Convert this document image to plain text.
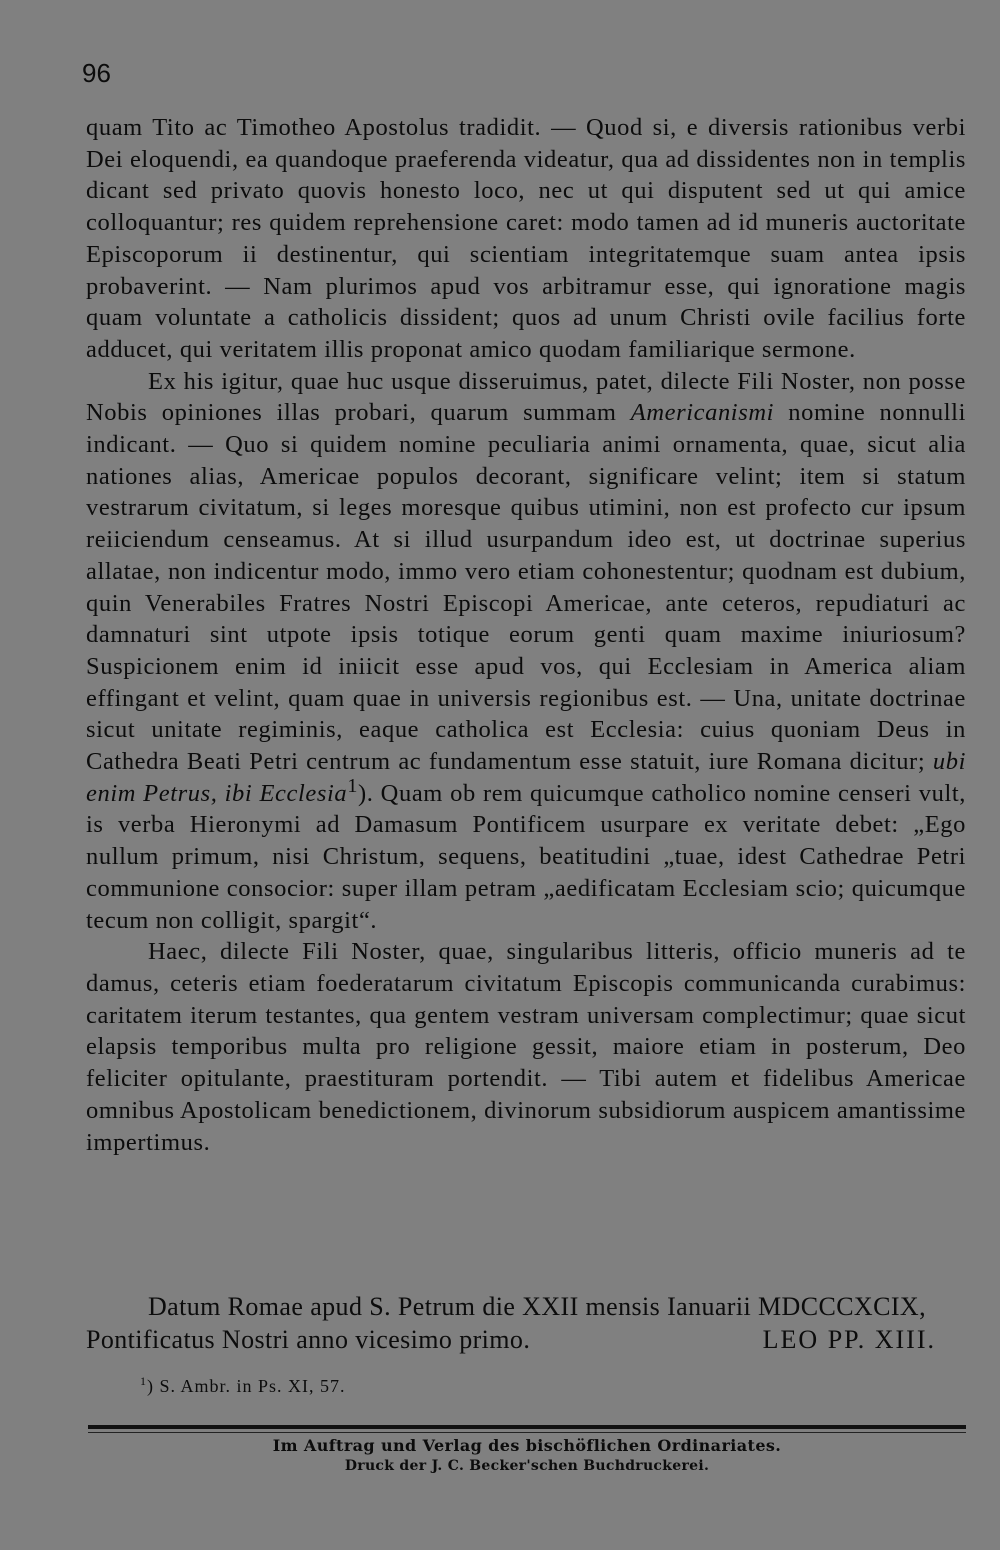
96

quam Tito ac Timotheo Apostolus tradidit. — Quod si, e diversis rationibus verbi Dei eloquendi, ea quandoque praeferenda videatur, qua ad dissidentes non in templis dicant sed privato quovis honesto loco, nec ut qui disputent sed ut qui amice colloquantur; res quidem reprehensione caret: modo tamen ad id muneris auctoritate Episcoporum ii destinentur, qui scientiam integritatemque suam antea ipsis probaverint. — Nam plurimos apud vos arbitramur esse, qui ignoratione magis quam voluntate a catholicis dissident; quos ad unum Christi ovile facilius forte adducet, qui veritatem illis proponat amico quodam familiarique sermone.

Ex his igitur, quae huc usque disseruimus, patet, dilecte Fili Noster, non posse Nobis opiniones illas probari, quarum summam Americanismi nomine nonnulli indicant. — Quo si quidem nomine peculiaria animi ornamenta, quae, sicut alia nationes alias, Americae populos decorant, significare velint; item si statum vestrarum civitatum, si leges moresque quibus utimini, non est profecto cur ipsum reiiciendum censeamus. At si illud usurpandum ideo est, ut doctrinae superius allatae, non indicentur modo, immo vero etiam cohonestentur; quodnam est dubium, quin Venerabiles Fratres Nostri Episcopi Americae, ante ceteros, repudiaturi ac damnaturi sint utpote ipsis totique eorum genti quam maxime iniuriosum? Suspicionem enim id iniicit esse apud vos, qui Ecclesiam in America aliam effingant et velint, quam quae in universis regionibus est. — Una, unitate doctrinae sicut unitate regiminis, eaque catholica est Ecclesia: cuius quoniam Deus in Cathedra Beati Petri centrum ac fundamentum esse statuit, iure Romana dicitur; ubi enim Petrus, ibi Ecclesia$^1$). Quam ob rem quicumque catholico nomine censeri vult, is verba Hieronymi ad Damasum Pontificem usurpare ex veritate debet: „Ego nullum primum, nisi Christum, sequens, beatitudini „tuae, idest Cathedrae Petri communione consocior: super illam petram „aedificatam Ecclesiam scio; quicumque tecum non colligit, spargit“.

Haec, dilecte Fili Noster, quae, singularibus litteris, officio muneris ad te damus, ceteris etiam foederatarum civitatum Episcopis communicanda curabimus: caritatem iterum testantes, qua gentem vestram universam complectimur; quae sicut elapsis temporibus multa pro religione gessit, maiore etiam in posterum, Deo feliciter opitulante, praestituram portendit. — Tibi autem et fidelibus Americae omnibus Apostolicam benedictionem, divinorum subsidiorum auspicem amantissime impertimus.

Datum Romae apud S. Petrum die XXII mensis Ianuarii MDCCCXCIX,
Pontificatus Nostri anno vicesimo primo.	LEO PP. XIII.
$^1$) S. Ambr. in Ps. XI, 57.
Im Auftrag und Verlag des bischöflichen Ordinariates.
Druck der J. C. Becker'schen Buchdruckerei.
